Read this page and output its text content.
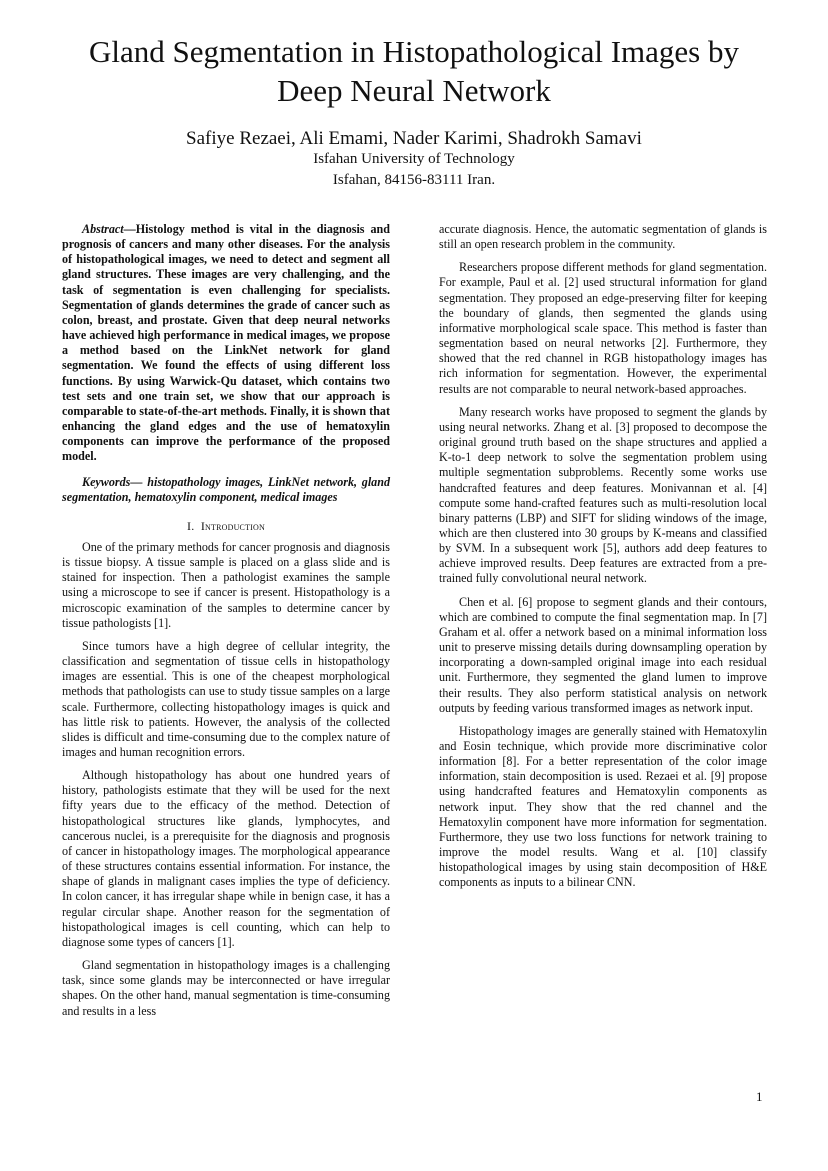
Gland Segmentation in Histopathological Images by
Deep Neural Network
Safiye Rezaei, Ali Emami, Nader Karimi, Shadrokh Samavi
Isfahan University of Technology
Isfahan, 84156-83111 Iran.

Abstract—Histology method is vital in the diagnosis and prognosis of cancers and many other diseases. For the analysis of histopathological images, we need to detect and segment all gland structures. These images are very challenging, and the task of segmentation is even challenging for specialists. Segmentation of glands determines the grade of cancer such as colon, breast, and prostate. Given that deep neural networks have achieved high performance in medical images, we propose a method based on the LinkNet network for gland segmentation. We found the effects of using different loss functions. By using Warwick-Qu dataset, which contains two test sets and one train set, we show that our approach is comparable to state-of-the-art methods. Finally, it is shown that enhancing the gland edges and the use of hematoxylin components can improve the performance of the proposed model.

Keywords— histopathology images, LinkNet network, gland segmentation, hematoxylin component, medical images

I. Introduction

One of the primary methods for cancer prognosis and diagnosis is tissue biopsy. A tissue sample is placed on a glass slide and is stained for inspection. Then a pathologist examines the sample using a microscope to see if cancer is present. Histopathology is a microscopic examination of the samples to determine cancer by tissue pathologists [1].

Since tumors have a high degree of cellular integrity, the classification and segmentation of tissue cells in histopathology images are essential. This is one of the cheapest morphological methods that pathologists can use to study tissue samples on a large scale. Furthermore, collecting histopathology images is quick and has little risk to patients. However, the analysis of the collected slides is difficult and time-consuming due to the complex nature of images and human recognition errors.

Although histopathology has about one hundred years of history, pathologists estimate that they will be used for the next fifty years due to the efficacy of the method. Detection of histopathological structures like glands, lymphocytes, and cancerous nuclei, is a prerequisite for the diagnosis and prognosis of cancer in histopathology images. The morphological appearance of these structures contains essential information. For instance, the shape of glands in malignant cases implies the type of deficiency. In colon cancer, it has irregular shape while in benign case, it has a regular circular shape. Another reason for the segmentation of histopathological images is cell counting, which can help to diagnose some types of cancers [1].

Gland segmentation in histopathology images is a challenging task, since some glands may be interconnected or have irregular shapes. On the other hand, manual segmentation is time-consuming and results in a less

accurate diagnosis. Hence, the automatic segmentation of glands is still an open research problem in the community.

Researchers propose different methods for gland segmentation. For example, Paul et al. [2] used structural information for gland segmentation. They proposed an edge-preserving filter for keeping the boundary of glands, then segmented the glands using informative morphological scale space. This method is faster than segmentation based on neural networks [2]. Furthermore, they showed that the red channel in RGB histopathology images has rich information for segmentation. However, the experimental results are not comparable to neural network-based approaches.

Many research works have proposed to segment the glands by using neural networks. Zhang et al. [3] proposed to decompose the original ground truth based on the shape structures and applied a K-to-1 deep network to solve the segmentation problem using multiple segmentation subproblems. Recently some works use handcrafted features and deep features. Monivannan et al. [4] compute some hand-crafted features such as multi-resolution local binary patterns (LBP) and SIFT for sliding windows of the image, which are then clustered into 30 groups by K-means and classified by SVM. In a subsequent work [5], authors add deep features to achieve improved results. Deep features are extracted from a pre-trained fully convolutional neural network.

Chen et al. [6] propose to segment glands and their contours, which are combined to compute the final segmentation map. In [7] Graham et al. offer a network based on a minimal information loss unit to preserve missing details during downsampling operation by incorporating a down-sampled original image into each residual unit. Furthermore, they segmented the gland lumen to improve their results. They also perform statistical analysis on network outputs by feeding various transformed images as network input.

Histopathology images are generally stained with Hematoxylin and Eosin technique, which provide more discriminative color information [8]. For a better representation of the color image information, stain decomposition is used. Rezaei et al. [9] propose using handcrafted features and Hematoxylin components as network input. They show that the red channel and the Hematoxylin component have more information for segmentation. Furthermore, they use two loss functions for network training to improve the model results. Wang et al. [10] classify histopathological images by using stain decomposition of H&E components as inputs to a bilinear CNN.

1
